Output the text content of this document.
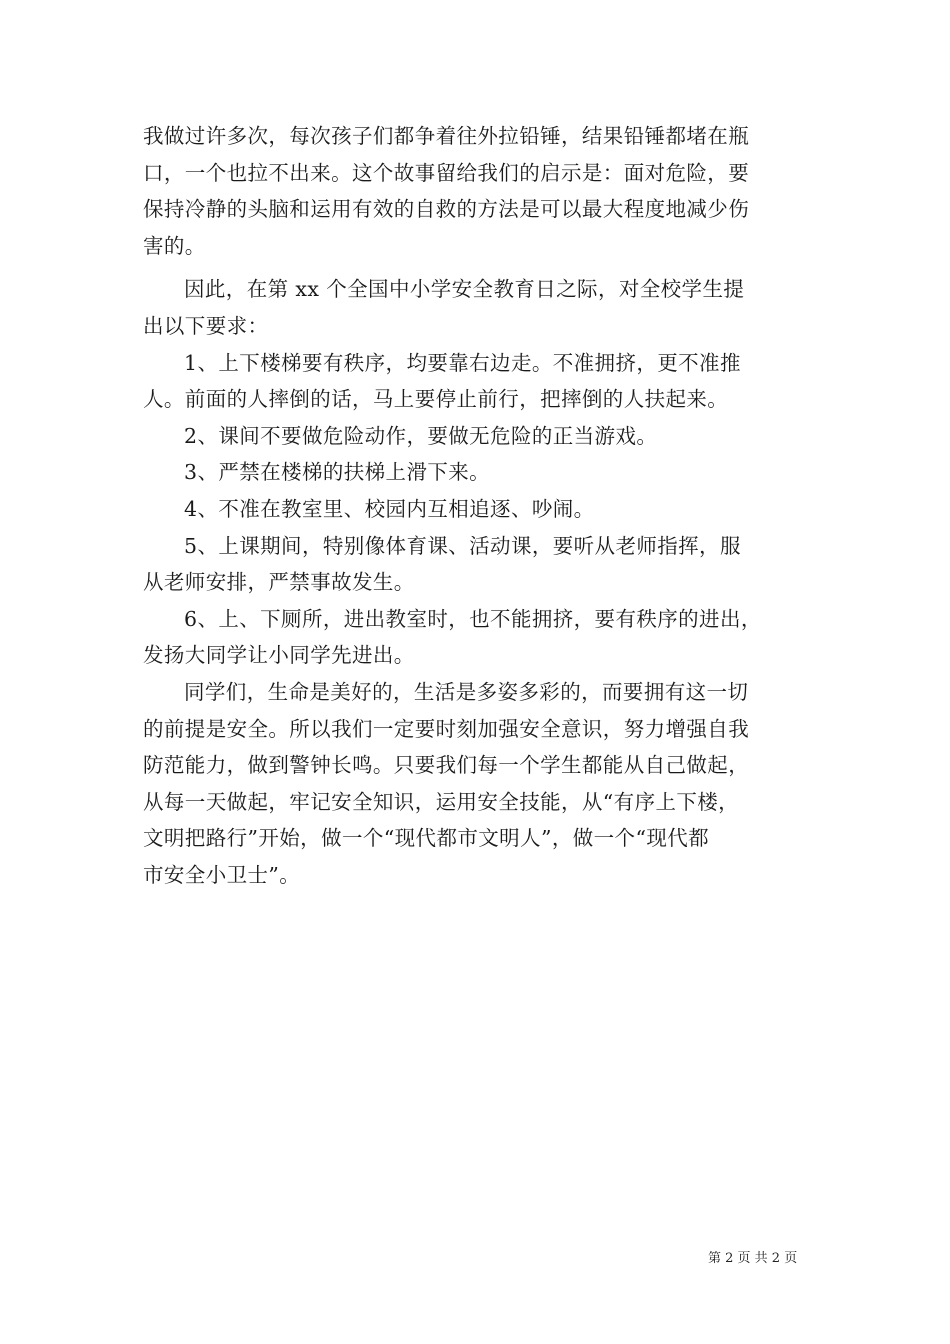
我做过许多次，每次孩子们都争着往外拉铅锤，结果铅锤都堵在瓶
口，一个也拉不出来。这个故事留给我们的启示是：面对危险，要
保持冷静的头脑和运用有效的自救的方法是可以最大程度地减少伤
害的。
因此，在第 xx 个全国中小学安全教育日之际，对全校学生提
出以下要求：
1、上下楼梯要有秩序，均要靠右边走。不准拥挤，更不准推
人。前面的人摔倒的话，马上要停止前行，把摔倒的人扶起来。
2、课间不要做危险动作，要做无危险的正当游戏。
3、严禁在楼梯的扶梯上滑下来。
4、不准在教室里、校园内互相追逐、吵闹。
5、上课期间，特别像体育课、活动课，要听从老师指挥，服
从老师安排，严禁事故发生。
6、上、下厕所，进出教室时，也不能拥挤，要有秩序的进出，
发扬大同学让小同学先进出。
同学们，生命是美好的，生活是多姿多彩的，而要拥有这一切
的前提是安全。所以我们一定要时刻加强安全意识，努力增强自我
防范能力，做到警钟长鸣。只要我们每一个学生都能从自己做起，
从每一天做起，牢记安全知识，运用安全技能，从“有序上下楼，
文明把路行”开始，做一个“现代都市文明人”，做一个“现代都
市安全小卫士”。
第 2 页 共 2 页
